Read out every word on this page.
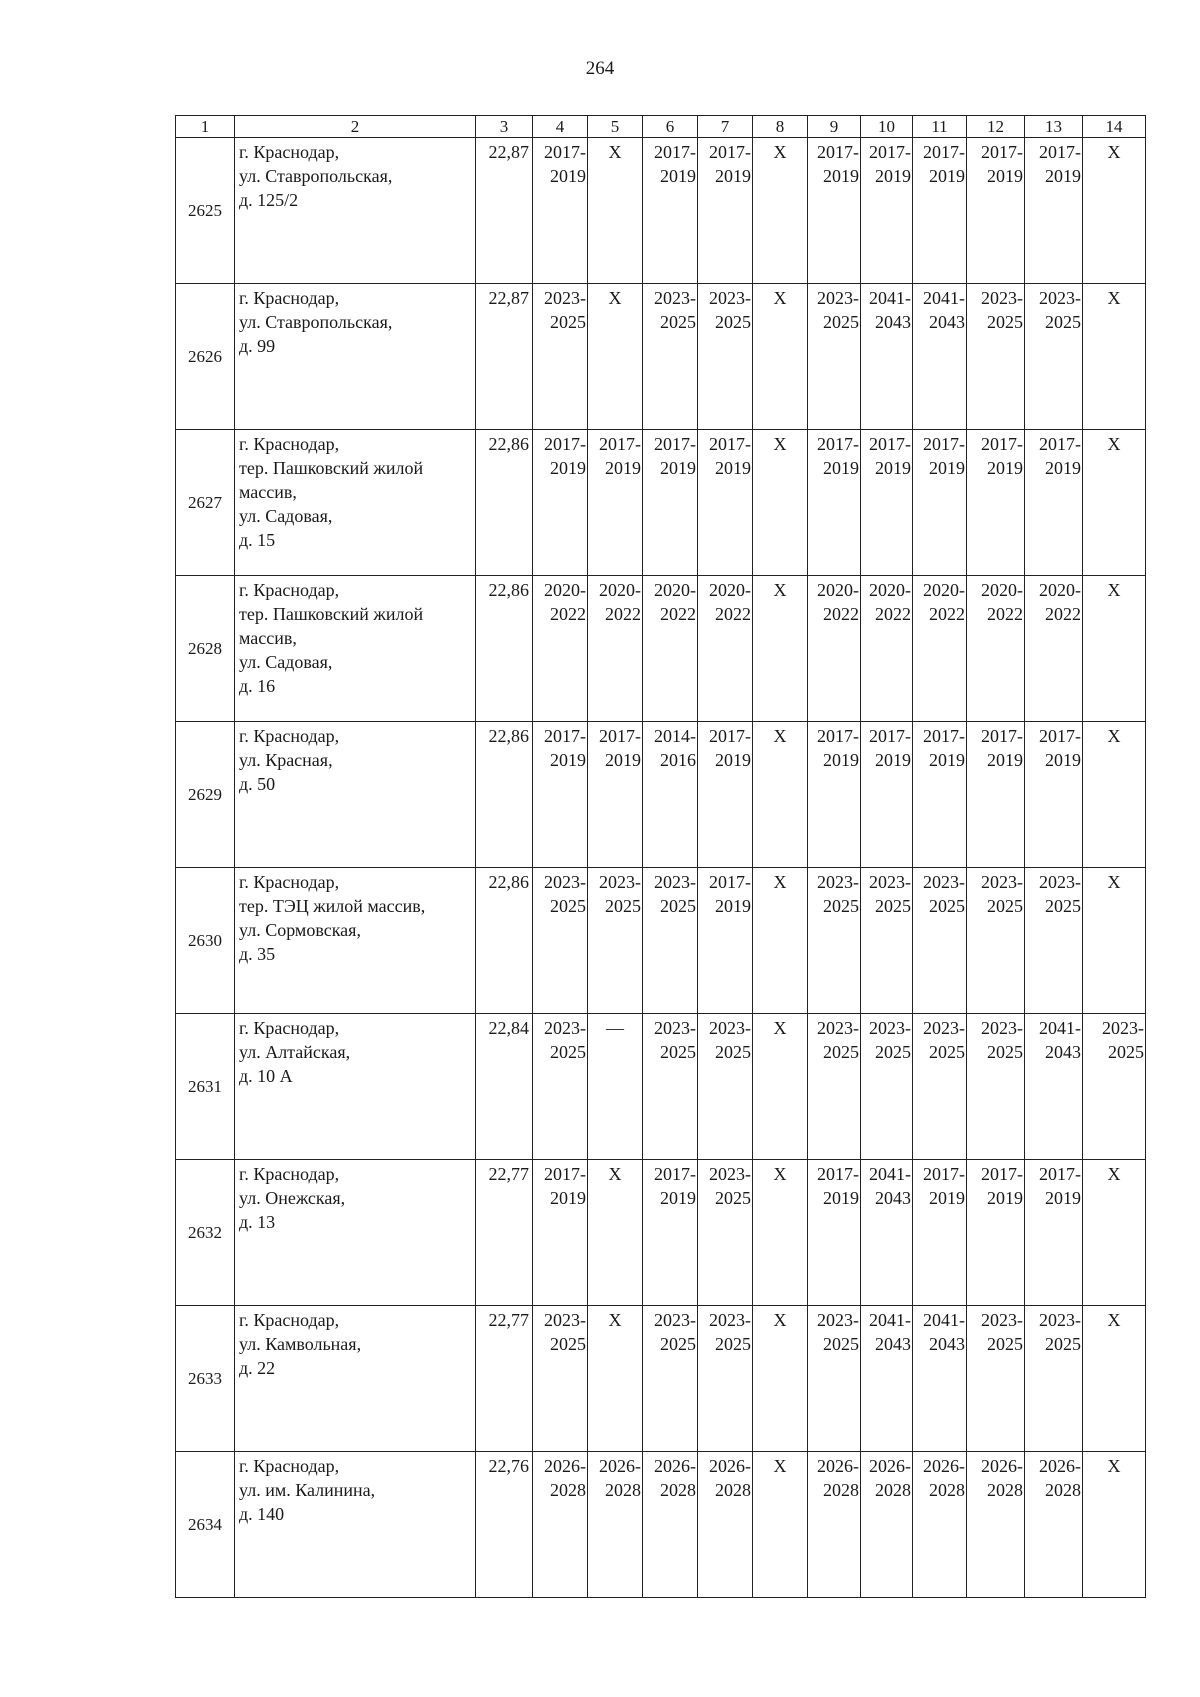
264
1	2	3	4	5	6	7	8	9	10	11	12	13	14
2625	г. Краснодар,
ул. Ставропольская,
д. 125/2	22,87	2017-
2019	Х	2017-
2019	2017-
2019	Х	2017-
2019	2017-
2019	2017-
2019	2017-
2019	2017-
2019	Х
2626	г. Краснодар,
ул. Ставропольская,
д. 99	22,87	2023-
2025	Х	2023-
2025	2023-
2025	Х	2023-
2025	2041-
2043	2041-
2043	2023-
2025	2023-
2025	Х
2627	г. Краснодар,
тер. Пашковский жилой
массив,
ул. Садовая,
д. 15	22,86	2017-
2019	2017-
2019	2017-
2019	2017-
2019	Х	2017-
2019	2017-
2019	2017-
2019	2017-
2019	2017-
2019	Х
2628	г. Краснодар,
тер. Пашковский жилой
массив,
ул. Садовая,
д. 16	22,86	2020-
2022	2020-
2022	2020-
2022	2020-
2022	Х	2020-
2022	2020-
2022	2020-
2022	2020-
2022	2020-
2022	Х
2629	г. Краснодар,
ул. Красная,
д. 50	22,86	2017-
2019	2017-
2019	2014-
2016	2017-
2019	Х	2017-
2019	2017-
2019	2017-
2019	2017-
2019	2017-
2019	Х
2630	г. Краснодар,
тер. ТЭЦ жилой массив,
ул. Сормовская,
д. 35	22,86	2023-
2025	2023-
2025	2023-
2025	2017-
2019	Х	2023-
2025	2023-
2025	2023-
2025	2023-
2025	2023-
2025	Х
2631	г. Краснодар,
ул. Алтайская,
д. 10 А	22,84	2023-
2025	—	2023-
2025	2023-
2025	Х	2023-
2025	2023-
2025	2023-
2025	2023-
2025	2041-
2043	2023-
2025

2632	г. Краснодар,
ул. Онежская,
д. 13	22,77	2017-
2019	Х	2017-
2019	2023-
2025	Х	2017-
2019	2041-
2043	2017-
2019	2017-
2019	2017-
2019	Х
2633	г. Краснодар,
ул. Камвольная,
д. 22	22,77	2023-
2025	Х	2023-
2025	2023-
2025	Х	2023-
2025	2041-
2043	2041-
2043	2023-
2025	2023-
2025	Х
2634	г. Краснодар,
ул. им. Калинина,
д. 140	22,76	2026-
2028	2026-
2028	2026-
2028	2026-
2028	Х	2026-
2028	2026-
2028	2026-
2028	2026-
2028	2026-
2028	Х
